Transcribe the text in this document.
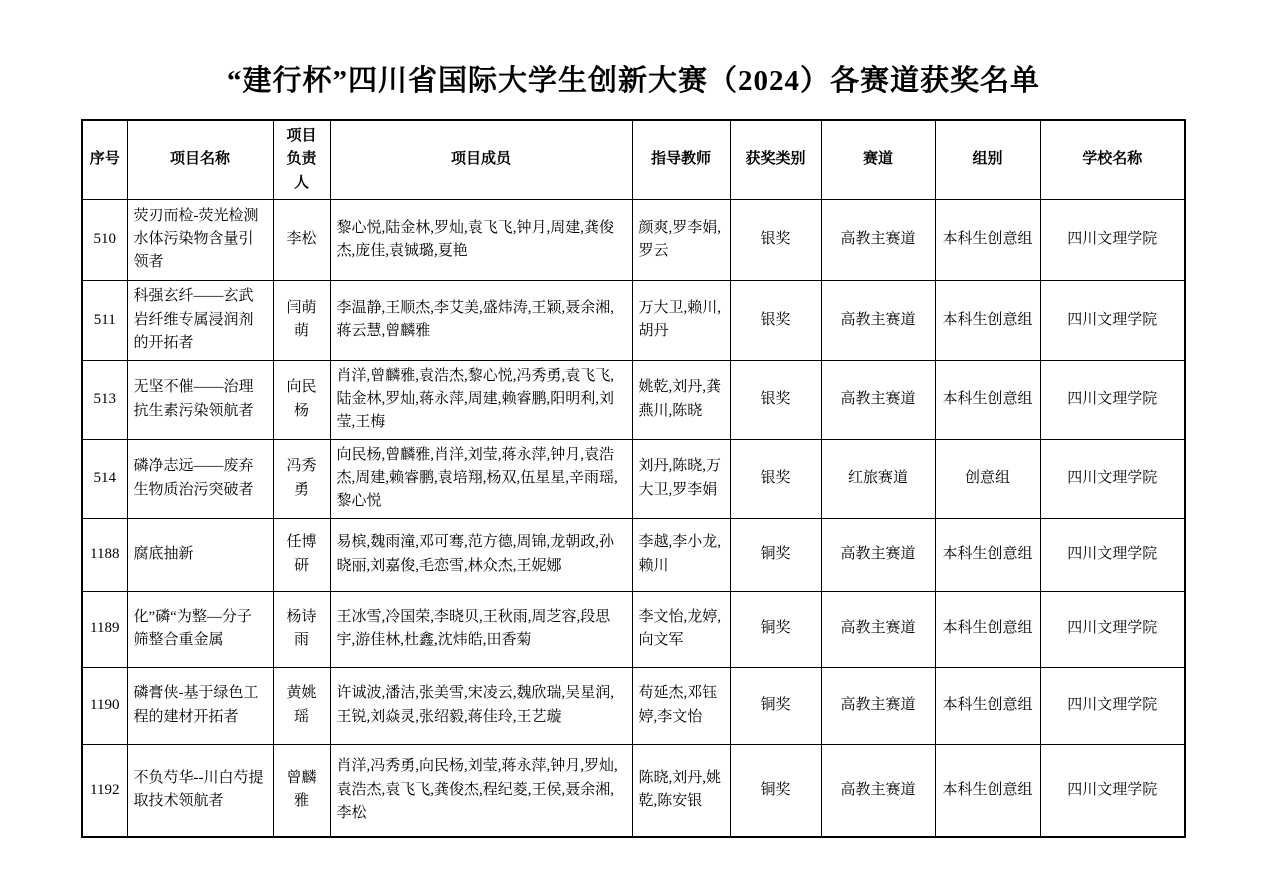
“建行杯”四川省国际大学生创新大赛（2024）各赛道获奖名单
序号	项目名称	项目负责人	项目成员	指导教师	获奖类别	赛道	组别	学校名称
510	荧刃而检-荧光检测水体污染物含量引领者	李松	黎心悦,陆金林,罗灿,袁飞飞,钟月,周建,龚俊杰,庞佳,袁铖璐,夏艳	颜爽,罗李娟,罗云	银奖	高教主赛道	本科生创意组	四川文理学院
511	科强玄纤——玄武岩纤维专属浸润剂的开拓者	闫萌萌	李温静,王顺杰,李艾美,盛炜涛,王颖,聂余湘,蒋云慧,曾麟雅	万大卫,赖川,胡丹	银奖	高教主赛道	本科生创意组	四川文理学院
513	无坚不催——治理抗生素污染领航者	向民杨	肖洋,曾麟雅,袁浩杰,黎心悦,冯秀勇,袁飞飞,陆金林,罗灿,蒋永萍,周建,赖睿鹏,阳明利,刘莹,王梅	姚乾,刘丹,龚燕川,陈晓	银奖	高教主赛道	本科生创意组	四川文理学院
514	磷净志远——废弃生物质治污突破者	冯秀勇	向民杨,曾麟雅,肖洋,刘莹,蒋永萍,钟月,袁浩杰,周建,赖睿鹏,袁培翔,杨双,伍星星,辛雨瑶,黎心悦	刘丹,陈晓,万大卫,罗李娟	银奖	红旅赛道	创意组	四川文理学院
1188	腐底抽新	任博研	易槟,魏雨潼,邓可骞,范方德,周锦,龙朝政,孙晓丽,刘嘉俊,毛恋雪,林众杰,王妮娜	李越,李小龙,赖川	铜奖	高教主赛道	本科生创意组	四川文理学院
1189	化”磷“为整—分子筛整合重金属	杨诗雨	王冰雪,冷国荣,李晓贝,王秋雨,周芝容,段思宇,游佳林,杜鑫,沈炜皓,田香菊	李文怡,龙婷,向文军	铜奖	高教主赛道	本科生创意组	四川文理学院
1190	磷膏侠-基于绿色工程的建材开拓者	黄姚瑶	许诚波,潘洁,张美雪,宋凌云,魏欣瑞,吴星润,王锐,刘焱灵,张绍毅,蒋佳玲,王艺璇	苟延杰,邓钰婷,李文怡	铜奖	高教主赛道	本科生创意组	四川文理学院
1192	不负芍华--川白芍提取技术领航者	曾麟雅	肖洋,冯秀勇,向民杨,刘莹,蒋永萍,钟月,罗灿,袁浩杰,袁飞飞,龚俊杰,程纪菱,王侯,聂余湘,李松	陈晓,刘丹,姚乾,陈安银	铜奖	高教主赛道	本科生创意组	四川文理学院
